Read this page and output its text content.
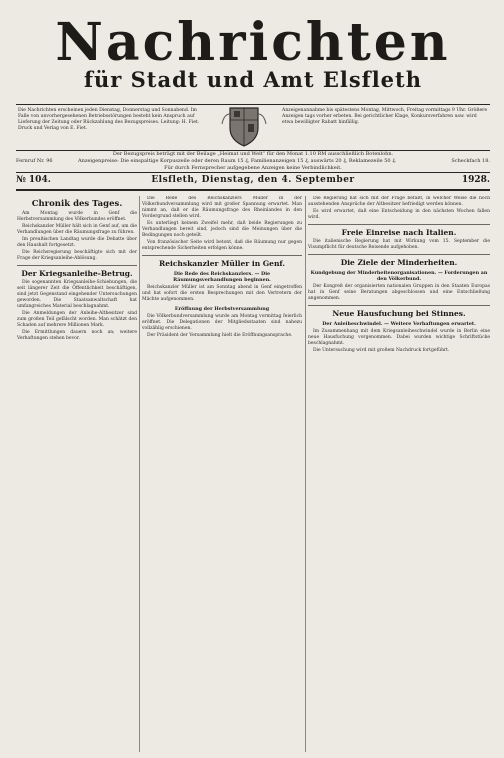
Nachrichten
für Stadt und Amt Elsfleth
Die Nachrichten erscheinen jeden Dienstag, Donnerstag und Sonnabend. Im Falle von unvorhergesehenen Betriebsstörungen besteht kein Anspruch auf Lieferung der Zeitung oder Rückzahlung des Bezugspreises. Leitung: H. Fiet. Druck und Verlag von E. Fiet.
Anzeigenannahme bis spätestens Montag, Mittwoch, Freitag vormittags 9 Uhr. Größere Anzeigen tags vorher erbeten. Bei gerichtlicher Klage, Konkursverfahren usw. wird etwa bewilligter Rabatt hinfällig.
Der Bezugspreis beträgt mit der Beilage „Heimat und Welt“ für den Monat 1.10 RM ausschließlich Botenlohn.
Fernruf Nr. 96	Anzeigenpreise: Die einspaltige Korpuszeile oder deren Raum 15 ₰, Familienanzeigen 15 ₰, auswärts 20 ₰, Reklamezeile 50 ₰.	Scheckfach 18.
Für durch Fernsprecher aufgegebene Anzeigen keine Verbindlichkeit.
№ 104.	Elsfleth, Dienstag, den 4. September	1928.
Chronik des Tages.

Am Montag wurde in Genf die Herbstversammlung des Völkerbundes eröffnet.

Reichskanzler Müller hält sich in Genf auf, um die Verhandlungen über die Räumungsfrage zu führen.

Im preußischen Landtag wurde die Debatte über den Haushalt fortgesetzt.

Die Reichsregierung beschäftigte sich mit der Frage der Kriegsanleihe-Ablösung.

Der Kriegsanleihe-Betrug.

Die sogenannten Kriegsanleihe-Schiebungen, die seit längerer Zeit die Öffentlichkeit beschäftigen, sind jetzt Gegenstand eingehender Untersuchungen geworden. Die Staatsanwaltschaft hat umfangreiches Material beschlagnahmt.

Die Anmeldungen der Anleihe-Altbesitzer sind zum großen Teil gefälscht worden. Man schätzt den Schaden auf mehrere Millionen Mark.

Die Ermittlungen dauern noch an; weitere Verhaftungen stehen bevor.

Die Rede des Reichskanzlers Müller in der Völkerbundversammlung wird mit großer Spannung erwartet. Man nimmt an, daß er die Räumungsfrage des Rheinlandes in den Vordergrund stellen wird.

Es unterliegt keinem Zweifel mehr, daß beide Regierungen zu Verhandlungen bereit sind, jedoch sind die Meinungen über die Bedingungen noch geteilt.

Von französischer Seite wird betont, daß die Räumung nur gegen entsprechende Sicherheiten erfolgen könne.

Reichskanzler Müller in Genf.
Die Rede des Reichskanzlers. — Die Räumungsverhandlungen beginnen.

Reichskanzler Müller ist am Sonntag abend in Genf eingetroffen und hat sofort die ersten Besprechungen mit den Vertretern der Mächte aufgenommen.

Eröffnung der Herbstversammlung

Die Völkerbundversammlung wurde am Montag vormittag feierlich eröffnet. Die Delegationen der Mitgliedsstaaten sind nahezu vollzählig erschienen.

Der Präsident der Versammlung hielt die Eröffnungsansprache.

Die Regierung hat sich mit der Frage befaßt, in welcher Weise die noch ausstehenden Ansprüche der Altbesitzer befriedigt werden können.

Es wird erwartet, daß eine Entscheidung in den nächsten Wochen fallen wird.

Freie Einreise nach Italien.

Die italienische Regierung hat mit Wirkung vom 15. September die Visumpflicht für deutsche Reisende aufgehoben.

Die Ziele der Minderheiten.
Kundgebung der Minderheitenorganisationen. — Forderungen an den Völkerbund.

Der Kongreß der organisierten nationalen Gruppen in den Staaten Europas hat in Genf seine Beratungen abgeschlossen und eine Entschließung angenommen.

Neue Hausfuchung bei Stinnes.
Der Anleiheschwindel. — Weitere Verhaftungen erwartet.

Im Zusammenhang mit dem Kriegsanleiheschwindel wurde in Berlin eine neue Hausfuchung vorgenommen. Dabei wurden wichtige Schriftstücke beschlagnahmt.

Die Untersuchung wird mit großem Nachdruck fortgeführt.
